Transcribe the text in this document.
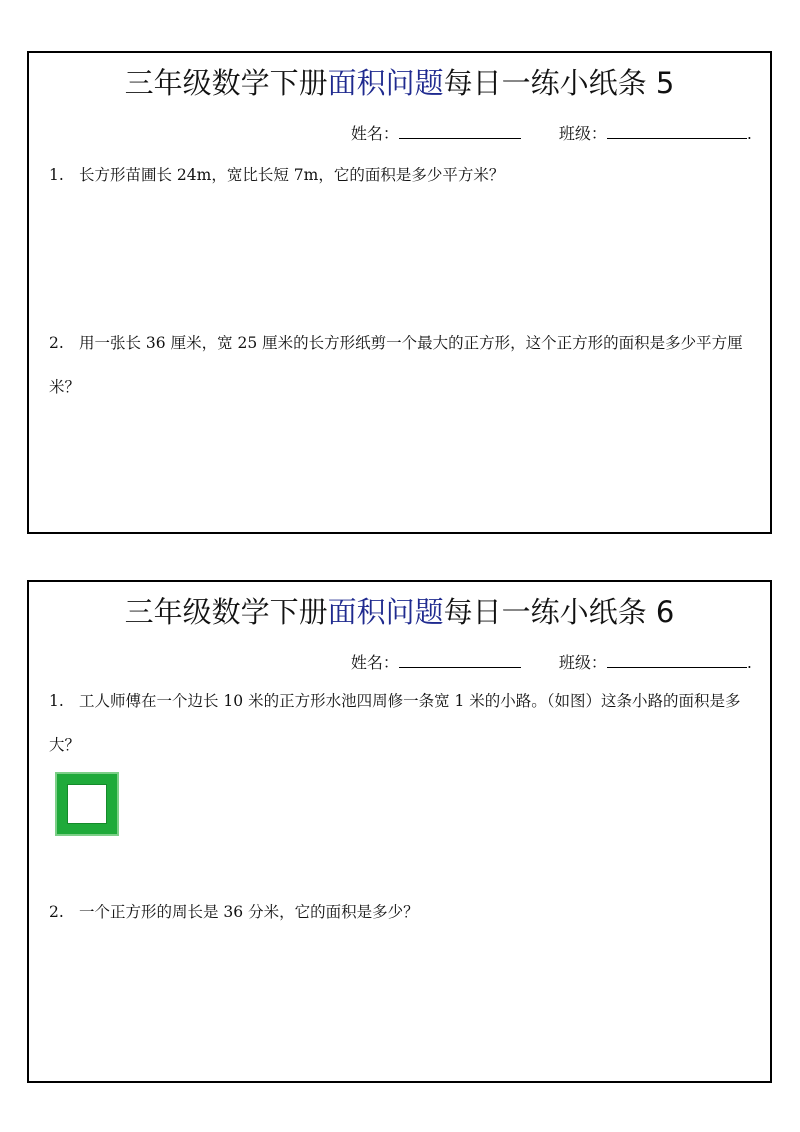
三年级数学下册面积问题每日一练小纸条 5
姓名：	班级：	.
1. 长方形苗圃长 24m，宽比长短 7m，它的面积是多少平方米？
2. 用一张长 36 厘米，宽 25 厘米的长方形纸剪一个最大的正方形，这个正方形的面积是多少平方厘米？
三年级数学下册面积问题每日一练小纸条 6
姓名：	班级：	.
1. 工人师傅在一个边长 10 米的正方形水池四周修一条宽 1 米的小路。（如图）这条小路的面积是多大？
2. 一个正方形的周长是 36 分米，它的面积是多少？
